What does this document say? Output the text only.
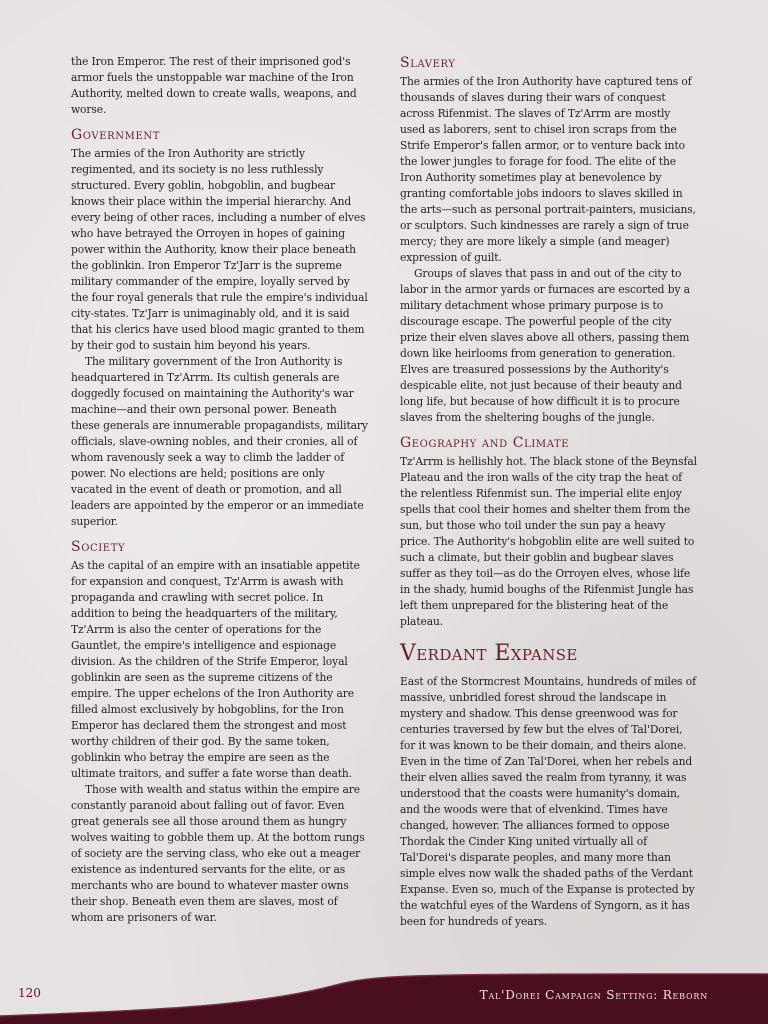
the Iron Emperor. The rest of their imprisoned god's armor fuels the unstoppable war machine of the Iron Authority, melted down to create walls, weapons, and worse.

Government

The armies of the Iron Authority are strictly regimented, and its society is no less ruthlessly structured. Every goblin, hobgoblin, and bugbear knows their place within the imperial hierarchy. And every being of other races, including a number of elves who have betrayed the Orroyen in hopes of gaining power within the Authority, know their place beneath the goblinkin. Iron Emperor Tz'Jarr is the supreme military commander of the empire, loyally served by the four royal generals that rule the empire's individual city-states. Tz'Jarr is unimaginably old, and it is said that his clerics have used blood magic granted to them by their god to sustain him beyond his years.

The military government of the Iron Authority is headquartered in Tz'Arrm. Its cultish generals are doggedly focused on maintaining the Authority's war machine—and their own personal power. Beneath these generals are innumerable propagandists, military officials, slave-owning nobles, and their cronies, all of whom ravenously seek a way to climb the ladder of power. No elections are held; positions are only vacated in the event of death or promotion, and all leaders are appointed by the emperor or an immediate superior.

Society

As the capital of an empire with an insatiable appetite for expansion and conquest, Tz'Arrm is awash with propaganda and crawling with secret police. In addition to being the headquarters of the military, Tz'Arrm is also the center of operations for the Gauntlet, the empire's intelligence and espionage division. As the children of the Strife Emperor, loyal goblinkin are seen as the supreme citizens of the empire. The upper echelons of the Iron Authority are filled almost exclusively by hobgoblins, for the Iron Emperor has declared them the strongest and most worthy children of their god. By the same token, goblinkin who betray the empire are seen as the ultimate traitors, and suffer a fate worse than death.

Those with wealth and status within the empire are constantly paranoid about falling out of favor. Even great generals see all those around them as hungry wolves waiting to gobble them up. At the bottom rungs of society are the serving class, who eke out a meager existence as indentured servants for the elite, or as merchants who are bound to whatever master owns their shop. Beneath even them are slaves, most of whom are prisoners of war.

Slavery

The armies of the Iron Authority have captured tens of thousands of slaves during their wars of conquest across Rifenmist. The slaves of Tz'Arrm are mostly used as laborers, sent to chisel iron scraps from the Strife Emperor's fallen armor, or to venture back into the lower jungles to forage for food. The elite of the Iron Authority sometimes play at benevolence by granting comfortable jobs indoors to slaves skilled in the arts—such as personal portrait-painters, musicians, or sculptors. Such kindnesses are rarely a sign of true mercy; they are more likely a simple (and meager) expression of guilt.

Groups of slaves that pass in and out of the city to labor in the armor yards or furnaces are escorted by a military detachment whose primary purpose is to discourage escape. The powerful people of the city prize their elven slaves above all others, passing them down like heirlooms from generation to generation. Elves are treasured possessions by the Authority's despicable elite, not just because of their beauty and long life, but because of how difficult it is to procure slaves from the sheltering boughs of the jungle.

Geography and Climate

Tz'Arrm is hellishly hot. The black stone of the Beynsfal Plateau and the iron walls of the city trap the heat of the relentless Rifenmist sun. The imperial elite enjoy spells that cool their homes and shelter them from the sun, but those who toil under the sun pay a heavy price. The Authority's hobgoblin elite are well suited to such a climate, but their goblin and bugbear slaves suffer as they toil—as do the Orroyen elves, whose life in the shady, humid boughs of the Rifenmist Jungle has left them unprepared for the blistering heat of the plateau.

Verdant Expanse

East of the Stormcrest Mountains, hundreds of miles of massive, unbridled forest shroud the landscape in mystery and shadow. This dense greenwood was for centuries traversed by few but the elves of Tal'Dorei, for it was known to be their domain, and theirs alone. Even in the time of Zan Tal'Dorei, when her rebels and their elven allies saved the realm from tyranny, it was understood that the coasts were humanity's domain, and the woods were that of elvenkind. Times have changed, however. The alliances formed to oppose Thordak the Cinder King united virtually all of Tal'Dorei's disparate peoples, and many more than simple elves now walk the shaded paths of the Verdant Expanse. Even so, much of the Expanse is protected by the watchful eyes of the Wardens of Syngorn, as it has been for hundreds of years.

120	Tal'Dorei Campaign Setting: Reborn
